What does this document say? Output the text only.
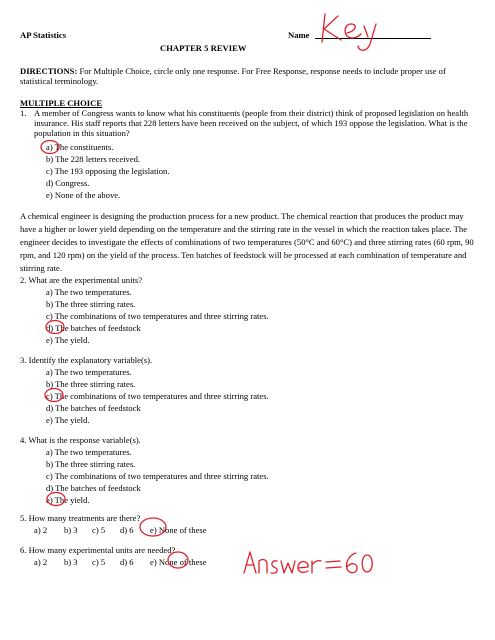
AP Statistics	Name
CHAPTER 5 REVIEW
DIRECTIONS: For Multiple Choice, circle only one response. For Free Response, response needs to include proper use of statistical terminology.
MULTIPLE CHOICE
1. A member of Congress wants to know what his constituents (people from their district) think of proposed legislation on health insurance. His staff reports that 228 letters have been received on the subject, of which 193 oppose the legislation. What is the population in this situation?
a) The constituents.
b) The 228 letters received.
c) The 193 opposing the legislation.
d) Congress.
e) None of the above.
A chemical engineer is designing the production process for a new product. The chemical reaction that produces the product may have a higher or lower yield depending on the temperature and the stirring rate in the vessel in which the reaction takes place. The engineer decides to investigate the effects of combinations of two temperatures (50°C and 60°C) and three stirring rates (60 rpm, 90 rpm, and 120 rpm) on the yield of the process. Ten batches of feedstock will be processed at each combination of temperature and stirring rate.
2. What are the experimental units?
a) The two temperatures.
b) The three stirring rates.
c) The combinations of two temperatures and three stirring rates.
d) The batches of feedstock
e) The yield.
3. Identify the explanatory variable(s).
a) The two temperatures.
b) The three stirring rates.
c) The combinations of two temperatures and three stirring rates.
d) The batches of feedstock
e) The yield.
4. What is the response variable(s).
a) The two temperatures.
b) The three stirring rates.
c) The combinations of two temperatures and three stirring rates.
d) The batches of feedstock
e) The yield.
5. How many treatments are there?
a) 2 b) 3 c) 5 d) 6 e) None of these
6. How many experimental units are needed?
a) 2 b) 3 c) 5 d) 6 e) None of these
